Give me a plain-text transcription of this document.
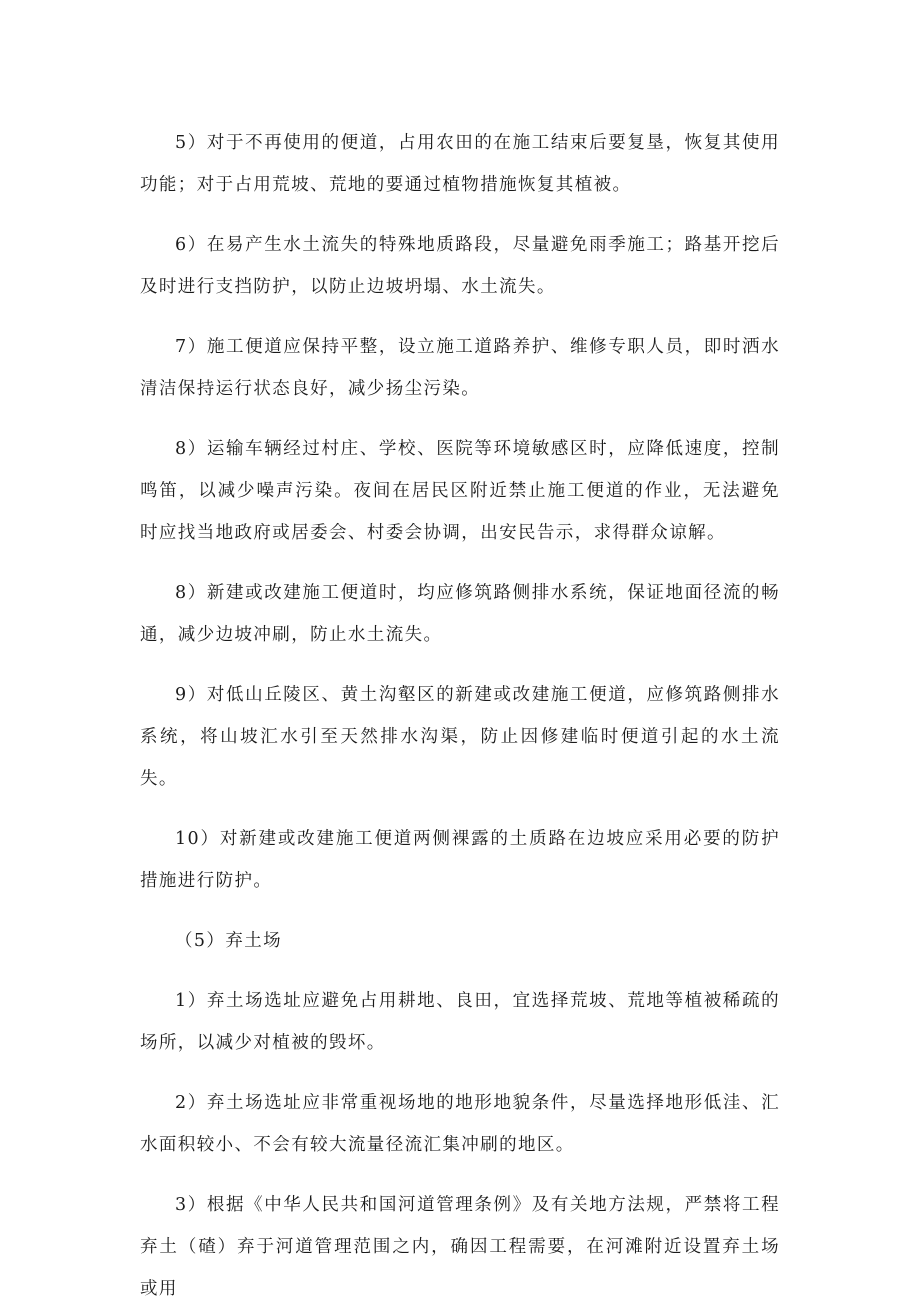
5）对于不再使用的便道，占用农田的在施工结束后要复垦，恢复其使用功能；对于占用荒坡、荒地的要通过植物措施恢复其植被。

6）在易产生水土流失的特殊地质路段，尽量避免雨季施工；路基开挖后及时进行支挡防护，以防止边坡坍塌、水土流失。

7）施工便道应保持平整，设立施工道路养护、维修专职人员，即时洒水清洁保持运行状态良好，减少扬尘污染。

8）运输车辆经过村庄、学校、医院等环境敏感区时，应降低速度，控制鸣笛，以减少噪声污染。夜间在居民区附近禁止施工便道的作业，无法避免时应找当地政府或居委会、村委会协调，出安民告示，求得群众谅解。

8）新建或改建施工便道时，均应修筑路侧排水系统，保证地面径流的畅通，减少边坡冲刷，防止水土流失。

9）对低山丘陵区、黄土沟壑区的新建或改建施工便道，应修筑路侧排水系统，将山坡汇水引至天然排水沟渠，防止因修建临时便道引起的水土流失。

10）对新建或改建施工便道两侧裸露的土质路在边坡应采用必要的防护措施进行防护。

（5）弃土场

1）弃土场选址应避免占用耕地、良田，宜选择荒坡、荒地等植被稀疏的场所，以减少对植被的毁坏。

2）弃土场选址应非常重视场地的地形地貌条件，尽量选择地形低洼、汇水面积较小、不会有较大流量径流汇集冲刷的地区。

3）根据《中华人民共和国河道管理条例》及有关地方法规，严禁将工程弃土（碴）弃于河道管理范围之内，确因工程需要，在河滩附近设置弃土场或用
